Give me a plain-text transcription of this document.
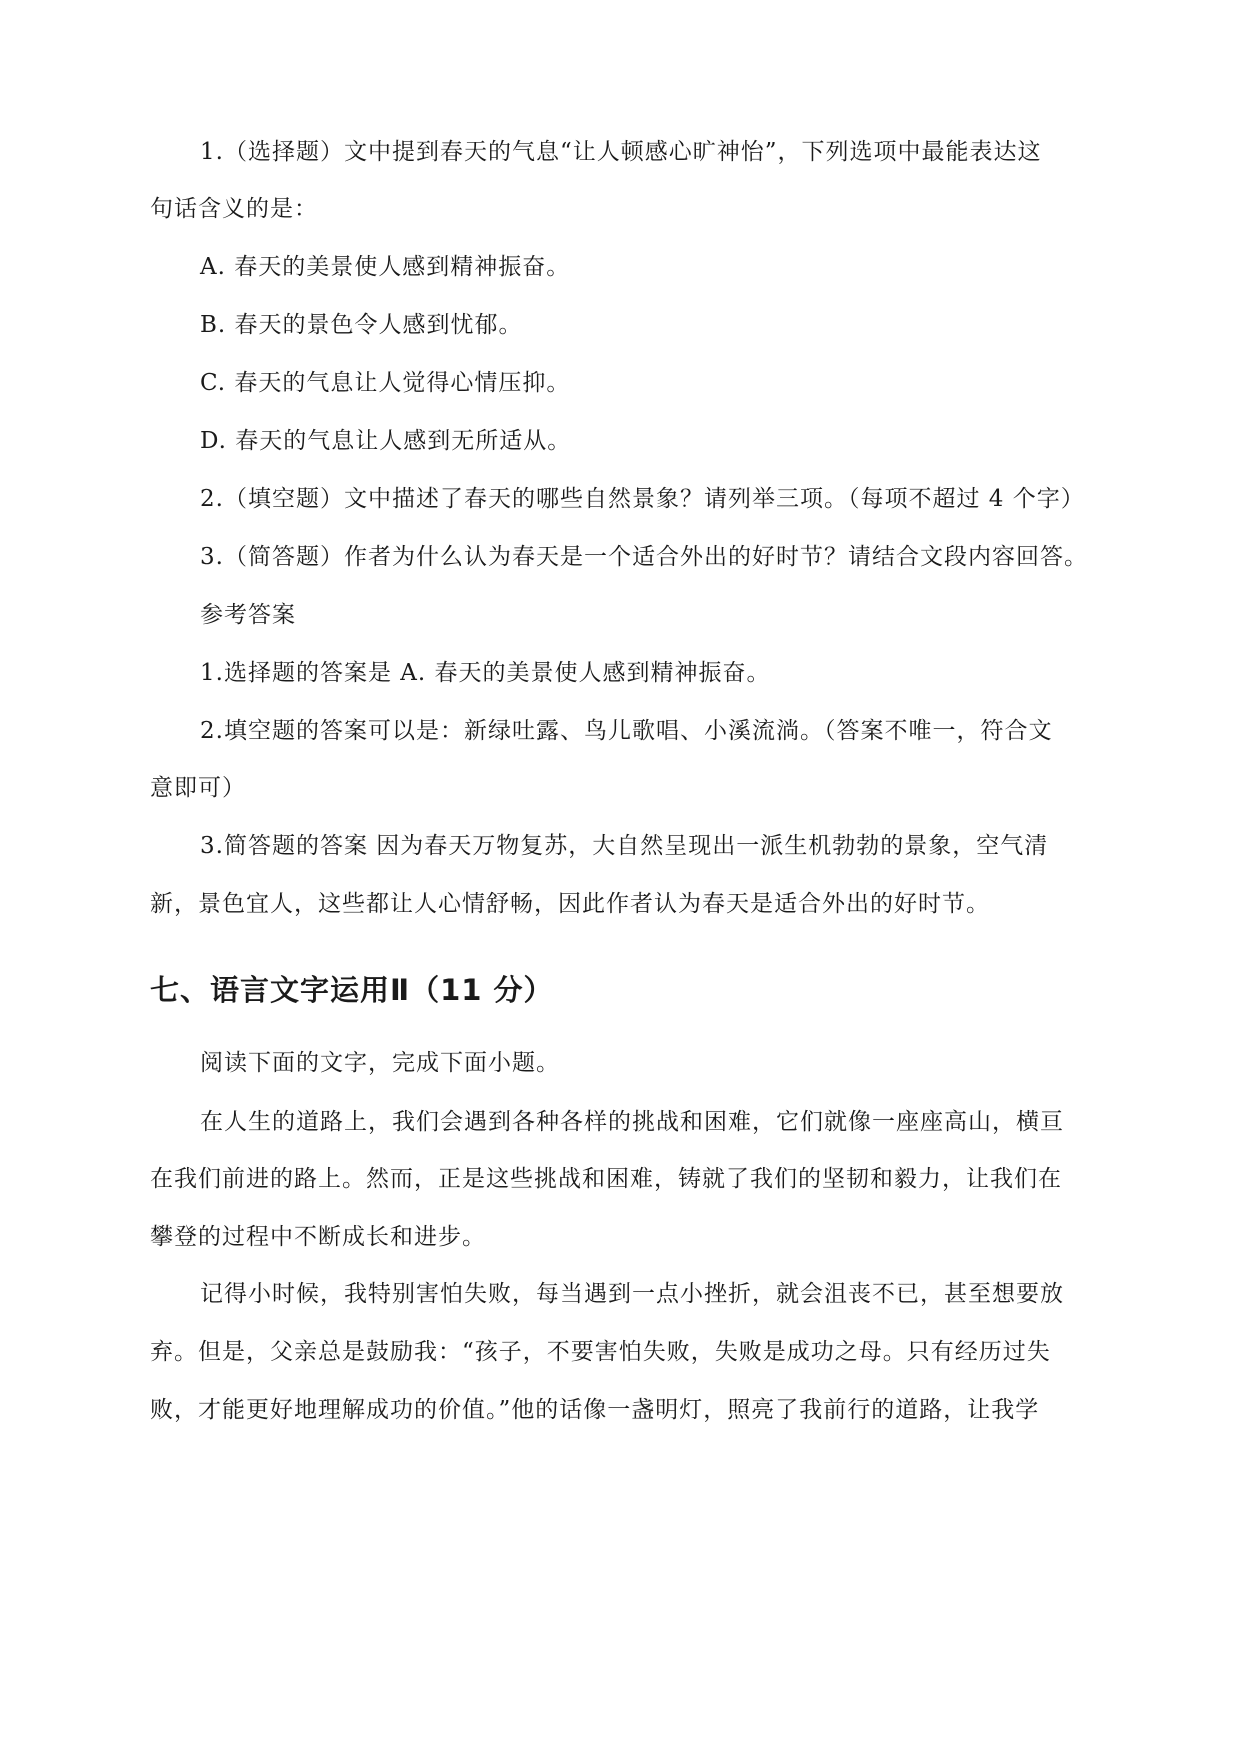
1.（选择题）文中提到春天的气息“让人顿感心旷神怡”，下列选项中最能表达这
句话含义的是：
A. 春天的美景使人感到精神振奋。
B. 春天的景色令人感到忧郁。
C. 春天的气息让人觉得心情压抑。
D. 春天的气息让人感到无所适从。
2.（填空题）文中描述了春天的哪些自然景象？请列举三项。（每项不超过 4 个字）
3.（简答题）作者为什么认为春天是一个适合外出的好时节？请结合文段内容回答。
参考答案
1.选择题的答案是 A. 春天的美景使人感到精神振奋。
2.填空题的答案可以是：新绿吐露、鸟儿歌唱、小溪流淌。（答案不唯一，符合文
意即可）
3.简答题的答案 因为春天万物复苏，大自然呈现出一派生机勃勃的景象，空气清
新，景色宜人，这些都让人心情舒畅，因此作者认为春天是适合外出的好时节。
七、语言文字运用Ⅱ（11 分）
阅读下面的文字，完成下面小题。
在人生的道路上，我们会遇到各种各样的挑战和困难，它们就像一座座高山，横亘
在我们前进的路上。然而，正是这些挑战和困难，铸就了我们的坚韧和毅力，让我们在
攀登的过程中不断成长和进步。
记得小时候，我特别害怕失败，每当遇到一点小挫折，就会沮丧不已，甚至想要放
弃。但是，父亲总是鼓励我：“孩子，不要害怕失败，失败是成功之母。只有经历过失
败，才能更好地理解成功的价值。”他的话像一盏明灯，照亮了我前行的道路，让我学
